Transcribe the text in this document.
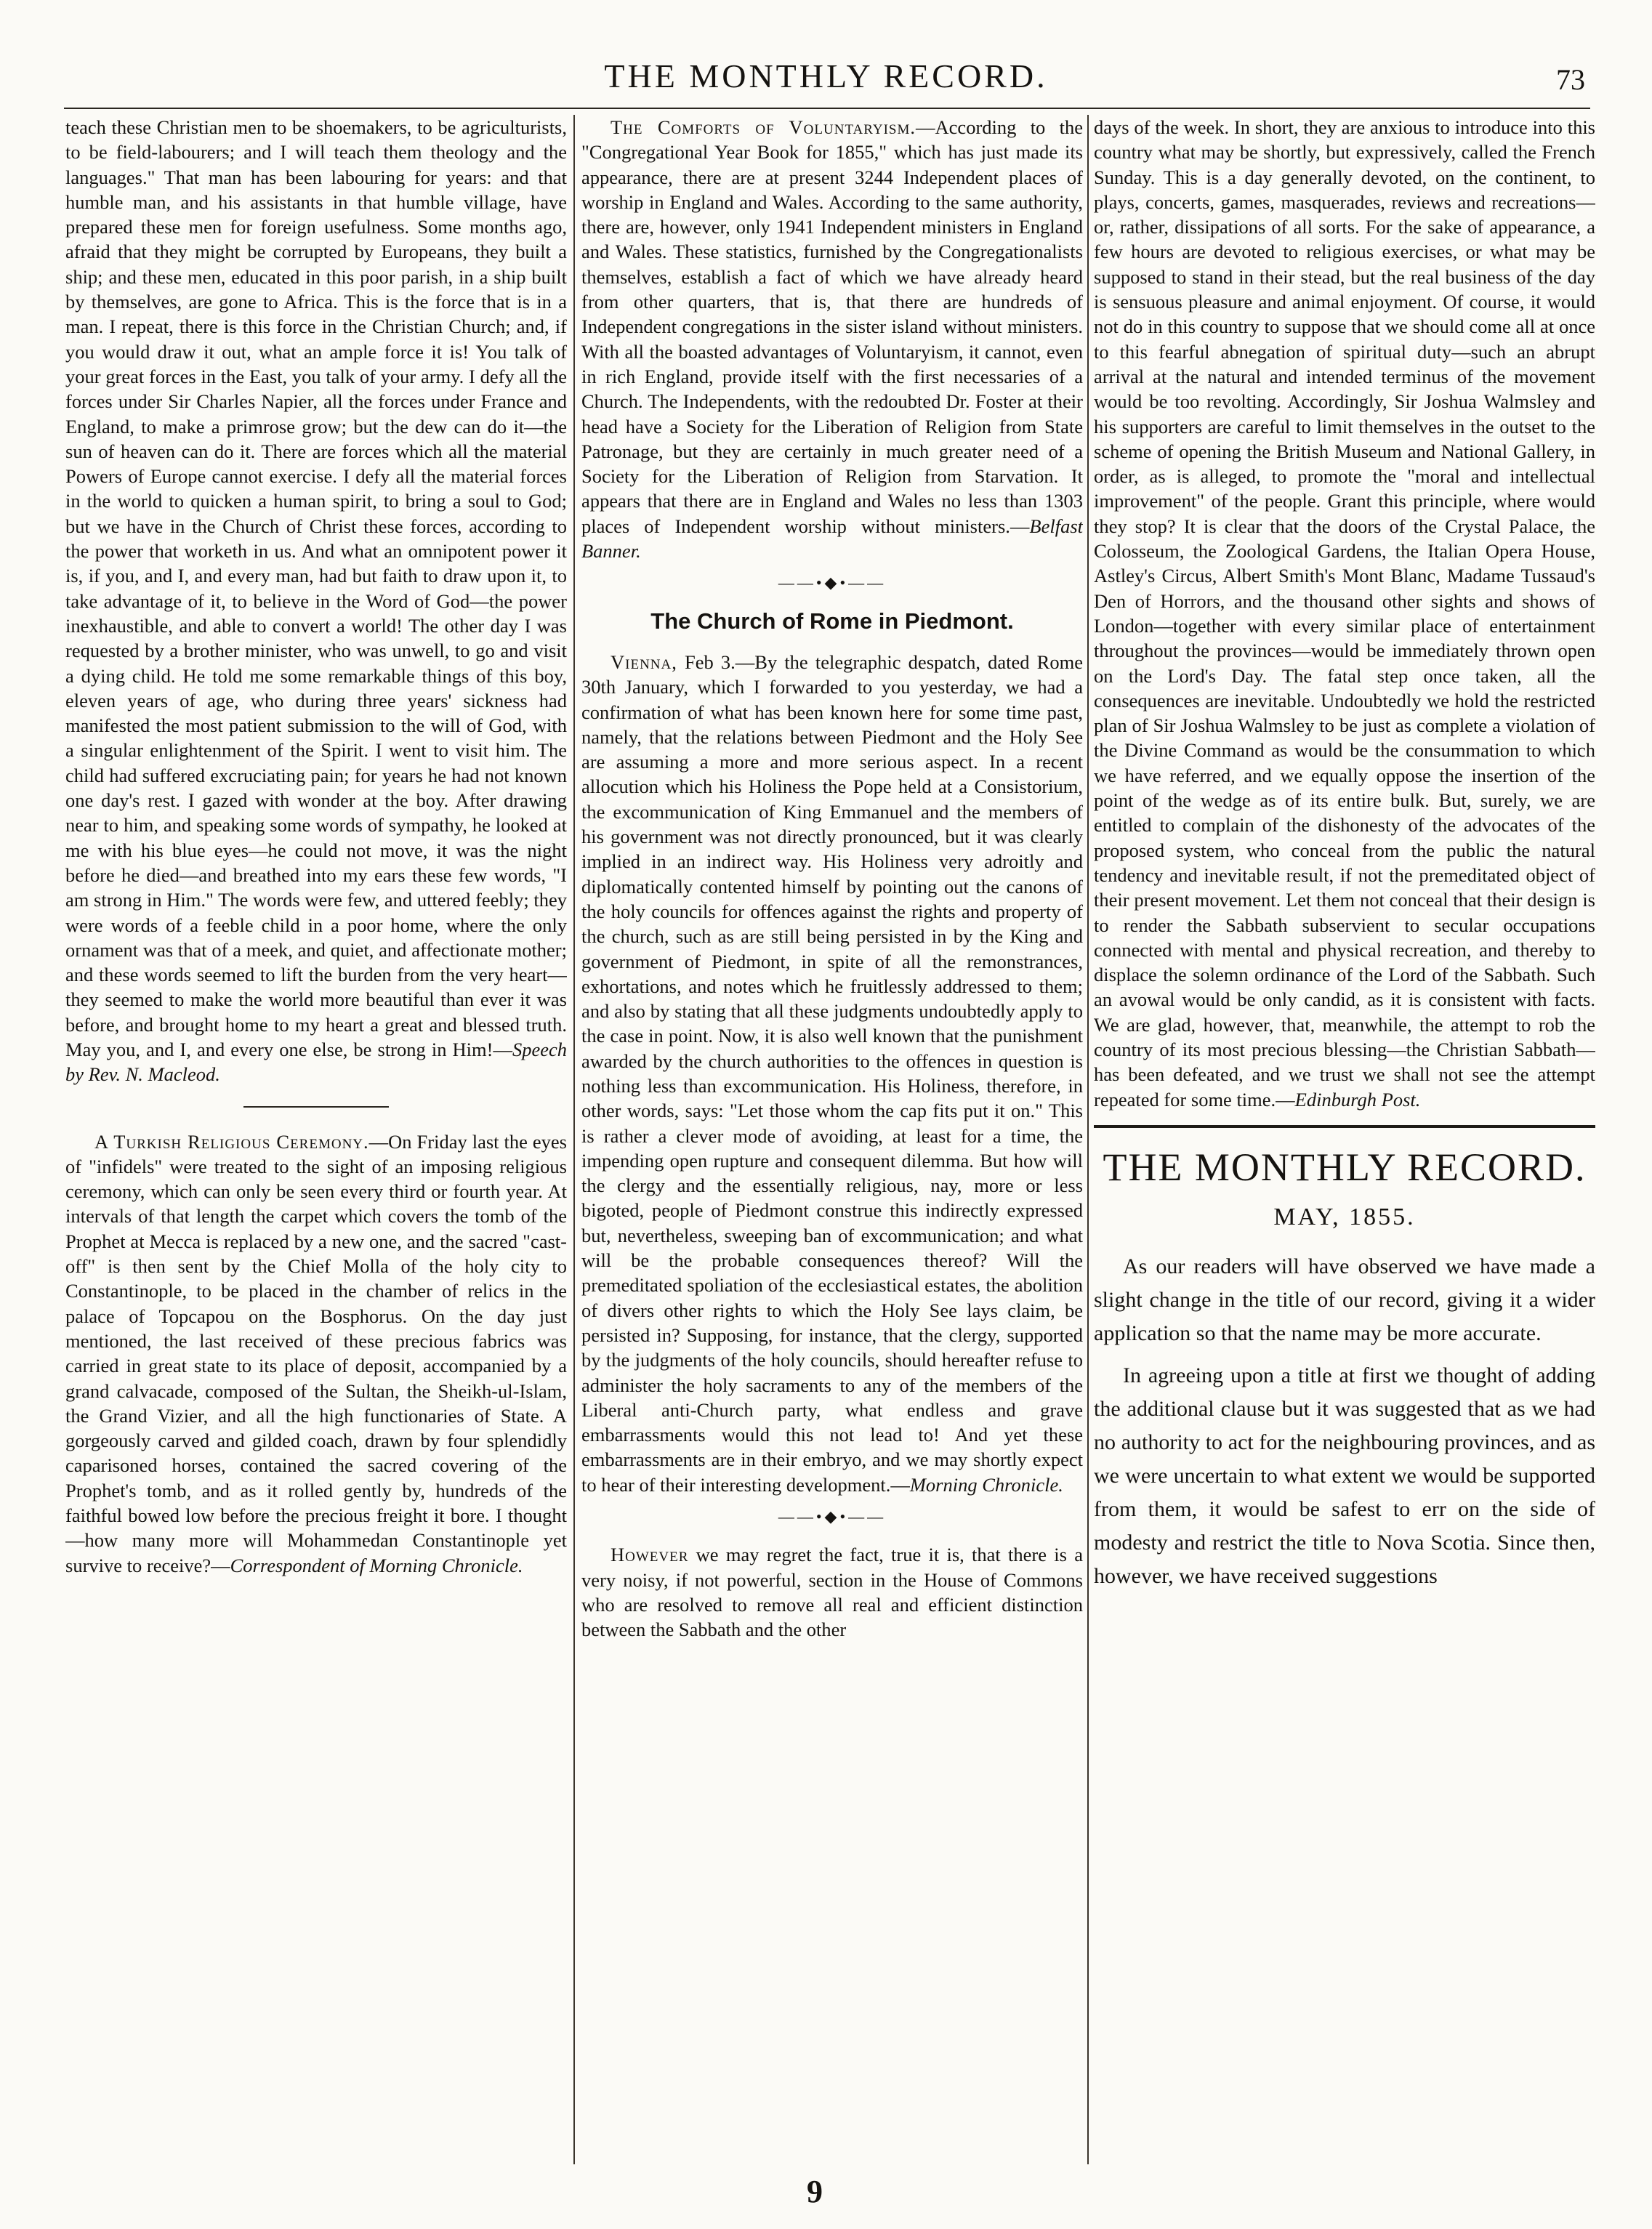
THE MONTHLY RECORD.	73

teach these Christian men to be shoemakers, to be agriculturists, to be field-labourers; and I will teach them theology and the languages." That man has been labouring for years: and that humble man, and his assistants in that humble village, have prepared these men for foreign usefulness. Some months ago, afraid that they might be corrupted by Europeans, they built a ship; and these men, educated in this poor parish, in a ship built by themselves, are gone to Africa. This is the force that is in a man. I repeat, there is this force in the Christian Church; and, if you would draw it out, what an ample force it is! You talk of your great forces in the East, you talk of your army. I defy all the forces under Sir Charles Napier, all the forces under France and England, to make a primrose grow; but the dew can do it—the sun of heaven can do it. There are forces which all the material Powers of Europe cannot exercise. I defy all the material forces in the world to quicken a human spirit, to bring a soul to God; but we have in the Church of Christ these forces, according to the power that worketh in us. And what an omnipotent power it is, if you, and I, and every man, had but faith to draw upon it, to take advantage of it, to believe in the Word of God—the power inexhaustible, and able to convert a world! The other day I was requested by a brother minister, who was unwell, to go and visit a dying child. He told me some remarkable things of this boy, eleven years of age, who during three years' sickness had manifested the most patient submission to the will of God, with a singular enlightenment of the Spirit. I went to visit him. The child had suffered excruciating pain; for years he had not known one day's rest. I gazed with wonder at the boy. After drawing near to him, and speaking some words of sympathy, he looked at me with his blue eyes—he could not move, it was the night before he died—and breathed into my ears these few words, "I am strong in Him." The words were few, and uttered feebly; they were words of a feeble child in a poor home, where the only ornament was that of a meek, and quiet, and affectionate mother; and these words seemed to lift the burden from the very heart—they seemed to make the world more beautiful than ever it was before, and brought home to my heart a great and blessed truth. May you, and I, and every one else, be strong in Him!—Speech by Rev. N. Macleod.

A Turkish Religious Ceremony.—On Friday last the eyes of "infidels" were treated to the sight of an imposing religious ceremony, which can only be seen every third or fourth year. At intervals of that length the carpet which covers the tomb of the Prophet at Mecca is replaced by a new one, and the sacred "cast-off" is then sent by the Chief Molla of the holy city to Constantinople, to be placed in the chamber of relics in the palace of Topcapou on the Bosphorus. On the day just mentioned, the last received of these precious fabrics was carried in great state to its place of deposit, accompanied by a grand calvacade, composed of the Sultan, the Sheikh-ul-Islam, the Grand Vizier, and all the high functionaries of State. A gorgeously carved and gilded coach, drawn by four splendidly caparisoned horses, contained the sacred covering of the Prophet's tomb, and as it rolled gently by, hundreds of the faithful bowed low before the precious freight it bore. I thought—how many more will Mohammedan Constantinople yet survive to receive?—Correspondent of Morning Chronicle.

The Comforts of Voluntaryism.—According to the "Congregational Year Book for 1855," which has just made its appearance, there are at present 3244 Independent places of worship in England and Wales. According to the same authority, there are, however, only 1941 Independent ministers in England and Wales. These statistics, furnished by the Congregationalists themselves, establish a fact of which we have already heard from other quarters, that is, that there are hundreds of Independent congregations in the sister island without ministers. With all the boasted advantages of Voluntaryism, it cannot, even in rich England, provide itself with the first necessaries of a Church. The Independents, with the redoubted Dr. Foster at their head have a Society for the Liberation of Religion from State Patronage, but they are certainly in much greater need of a Society for the Liberation of Religion from Starvation. It appears that there are in England and Wales no less than 1303 places of Independent worship without ministers.—Belfast Banner.

——•◆•——
The Church of Rome in Piedmont.

Vienna, Feb 3.—By the telegraphic despatch, dated Rome 30th January, which I forwarded to you yesterday, we had a confirmation of what has been known here for some time past, namely, that the relations between Piedmont and the Holy See are assuming a more and more serious aspect. In a recent allocution which his Holiness the Pope held at a Consistorium, the excommunication of King Emmanuel and the members of his government was not directly pronounced, but it was clearly implied in an indirect way. His Holiness very adroitly and diplomatically contented himself by pointing out the canons of the holy councils for offences against the rights and property of the church, such as are still being persisted in by the King and government of Piedmont, in spite of all the remonstrances, exhortations, and notes which he fruitlessly addressed to them; and also by stating that all these judgments undoubtedly apply to the case in point. Now, it is also well known that the punishment awarded by the church authorities to the offences in question is nothing less than excommunication. His Holiness, therefore, in other words, says: "Let those whom the cap fits put it on." This is rather a clever mode of avoiding, at least for a time, the impending open rupture and consequent dilemma. But how will the clergy and the essentially religious, nay, more or less bigoted, people of Piedmont construe this indirectly expressed but, nevertheless, sweeping ban of excommunication; and what will be the probable consequences thereof? Will the premeditated spoliation of the ecclesiastical estates, the abolition of divers other rights to which the Holy See lays claim, be persisted in? Supposing, for instance, that the clergy, supported by the judgments of the holy councils, should hereafter refuse to administer the holy sacraments to any of the members of the Liberal anti-Church party, what endless and grave embarrassments would this not lead to! And yet these embarrassments are in their embryo, and we may shortly expect to hear of their interesting development.—Morning Chronicle.

——•◆•——

However we may regret the fact, true it is, that there is a very noisy, if not powerful, section in the House of Commons who are resolved to remove all real and efficient distinction between the Sabbath and the other

days of the week. In short, they are anxious to introduce into this country what may be shortly, but expressively, called the French Sunday. This is a day generally devoted, on the continent, to plays, concerts, games, masquerades, reviews and recreations—or, rather, dissipations of all sorts. For the sake of appearance, a few hours are devoted to religious exercises, or what may be supposed to stand in their stead, but the real business of the day is sensuous pleasure and animal enjoyment. Of course, it would not do in this country to suppose that we should come all at once to this fearful abnegation of spiritual duty—such an abrupt arrival at the natural and intended terminus of the movement would be too revolting. Accordingly, Sir Joshua Walmsley and his supporters are careful to limit themselves in the outset to the scheme of opening the British Museum and National Gallery, in order, as is alleged, to promote the "moral and intellectual improvement" of the people. Grant this principle, where would they stop? It is clear that the doors of the Crystal Palace, the Colosseum, the Zoological Gardens, the Italian Opera House, Astley's Circus, Albert Smith's Mont Blanc, Madame Tussaud's Den of Horrors, and the thousand other sights and shows of London—together with every similar place of entertainment throughout the provinces—would be immediately thrown open on the Lord's Day. The fatal step once taken, all the consequences are inevitable. Undoubtedly we hold the restricted plan of Sir Joshua Walmsley to be just as complete a violation of the Divine Command as would be the consummation to which we have referred, and we equally oppose the insertion of the point of the wedge as of its entire bulk. But, surely, we are entitled to complain of the dishonesty of the advocates of the proposed system, who conceal from the public the natural tendency and inevitable result, if not the premeditated object of their present movement. Let them not conceal that their design is to render the Sabbath subservient to secular occupations connected with mental and physical recreation, and thereby to displace the solemn ordinance of the Lord of the Sabbath. Such an avowal would be only candid, as it is consistent with facts. We are glad, however, that, meanwhile, the attempt to rob the country of its most precious blessing—the Christian Sabbath—has been defeated, and we trust we shall not see the attempt repeated for some time.—Edinburgh Post.

THE MONTHLY RECORD.
MAY, 1855.

As our readers will have observed we have made a slight change in the title of our record, giving it a wider application so that the name may be more accurate.

In agreeing upon a title at first we thought of adding the additional clause but it was suggested that as we had no authority to act for the neighbouring provinces, and as we were uncertain to what extent we would be supported from them, it would be safest to err on the side of modesty and restrict the title to Nova Scotia. Since then, however, we have received suggestions

9
